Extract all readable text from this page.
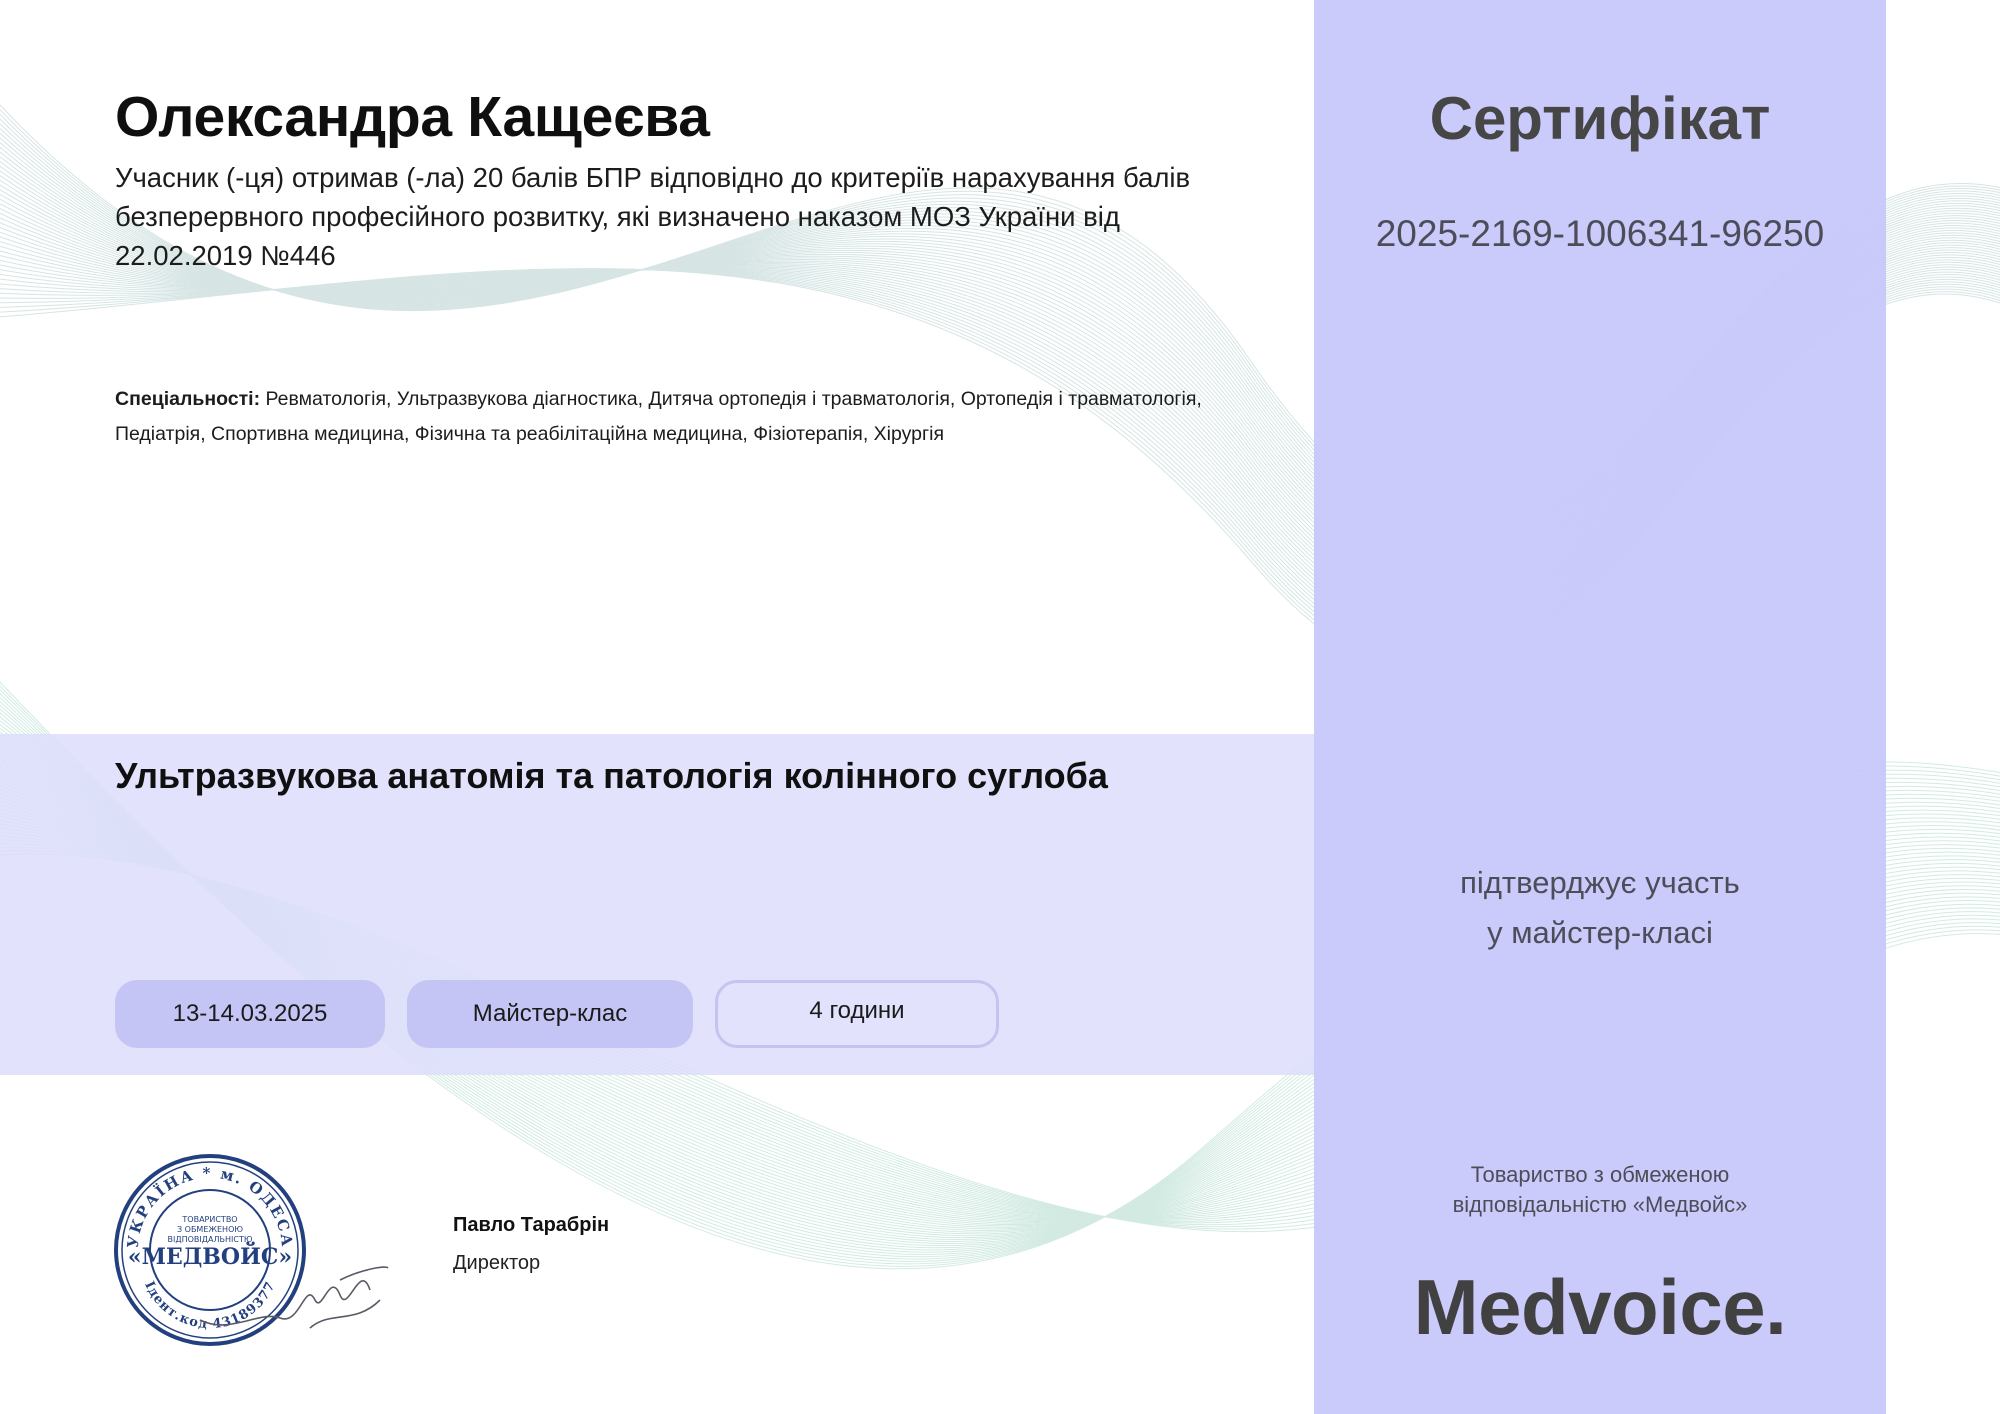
Олександра Кащеєва

Учасник (-ця) отримав (-ла) 20 балів БПР відповідно до критеріїв нарахування балів безперервного професійного розвитку, які визначено наказом МОЗ України від 22.02.2019 №446

Спеціальності: Ревматологія, Ультразвукова діагностика, Дитяча ортопедія і травматологія, Ортопедія і травматологія, Педіатрія, Спортивна медицина, Фізична та реабілітаційна медицина, Фізіотерапія, Хірургія

Ультразвукова анатомія та патологія колінного суглоба
13-14.03.2025	Майстер-клас	4 години
УКРАЇНА * м. ОДЕСА
Ідент.код 43189377
ТОВАРИСТВО
З ОБМЕЖЕНОЮ
ВІДПОВІДАЛЬНІСТЮ
«МЕДВОЙС»

Павло Тарабрін

Директор

Сертифікат

2025-2169-1006341-96250

підтверджує участь
у майстер-класі

Товариство з обмеженою
відповідальністю «Медвойс»

Medvoice.
